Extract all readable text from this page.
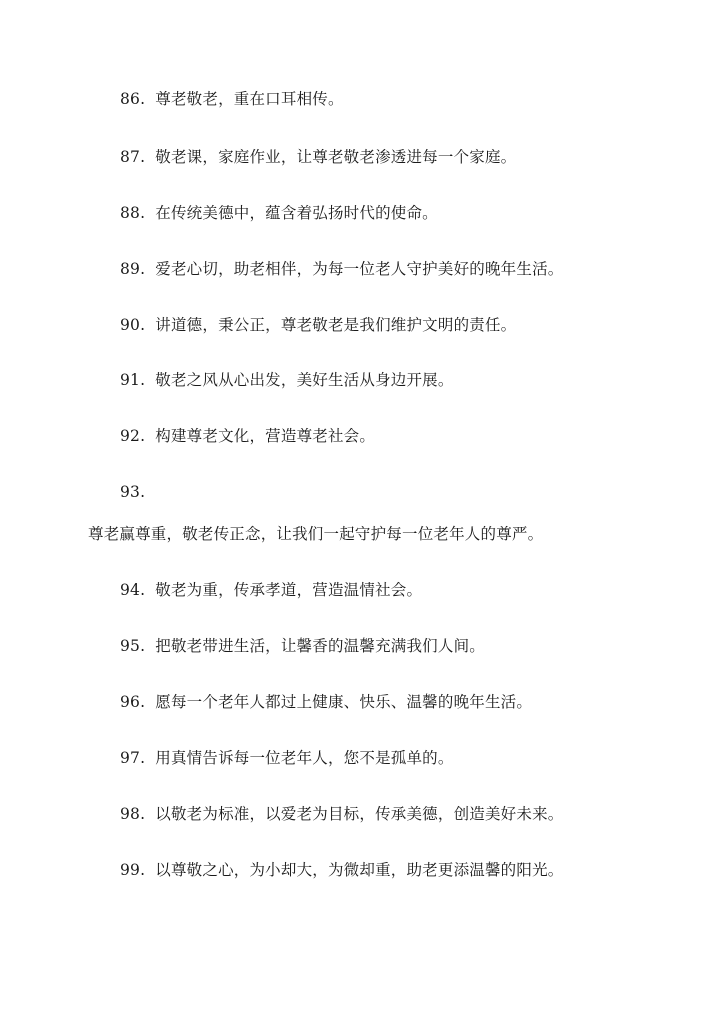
86. 尊老敬老，重在口耳相传。
87. 敬老课，家庭作业，让尊老敬老渗透进每一个家庭。
88. 在传统美德中，蕴含着弘扬时代的使命。
89. 爱老心切，助老相伴，为每一位老人守护美好的晚年生活。
90. 讲道德，秉公正，尊老敬老是我们维护文明的责任。
91. 敬老之风从心出发，美好生活从身边开展。
92. 构建尊老文化，营造尊老社会。
93.
尊老赢尊重，敬老传正念，让我们一起守护每一位老年人的尊严。
94. 敬老为重，传承孝道，营造温情社会。
95. 把敬老带进生活，让馨香的温馨充满我们人间。
96. 愿每一个老年人都过上健康、快乐、温馨的晚年生活。
97. 用真情告诉每一位老年人，您不是孤单的。
98. 以敬老为标准，以爱老为目标，传承美德，创造美好未来。
99. 以尊敬之心，为小却大，为微却重，助老更添温馨的阳光。
